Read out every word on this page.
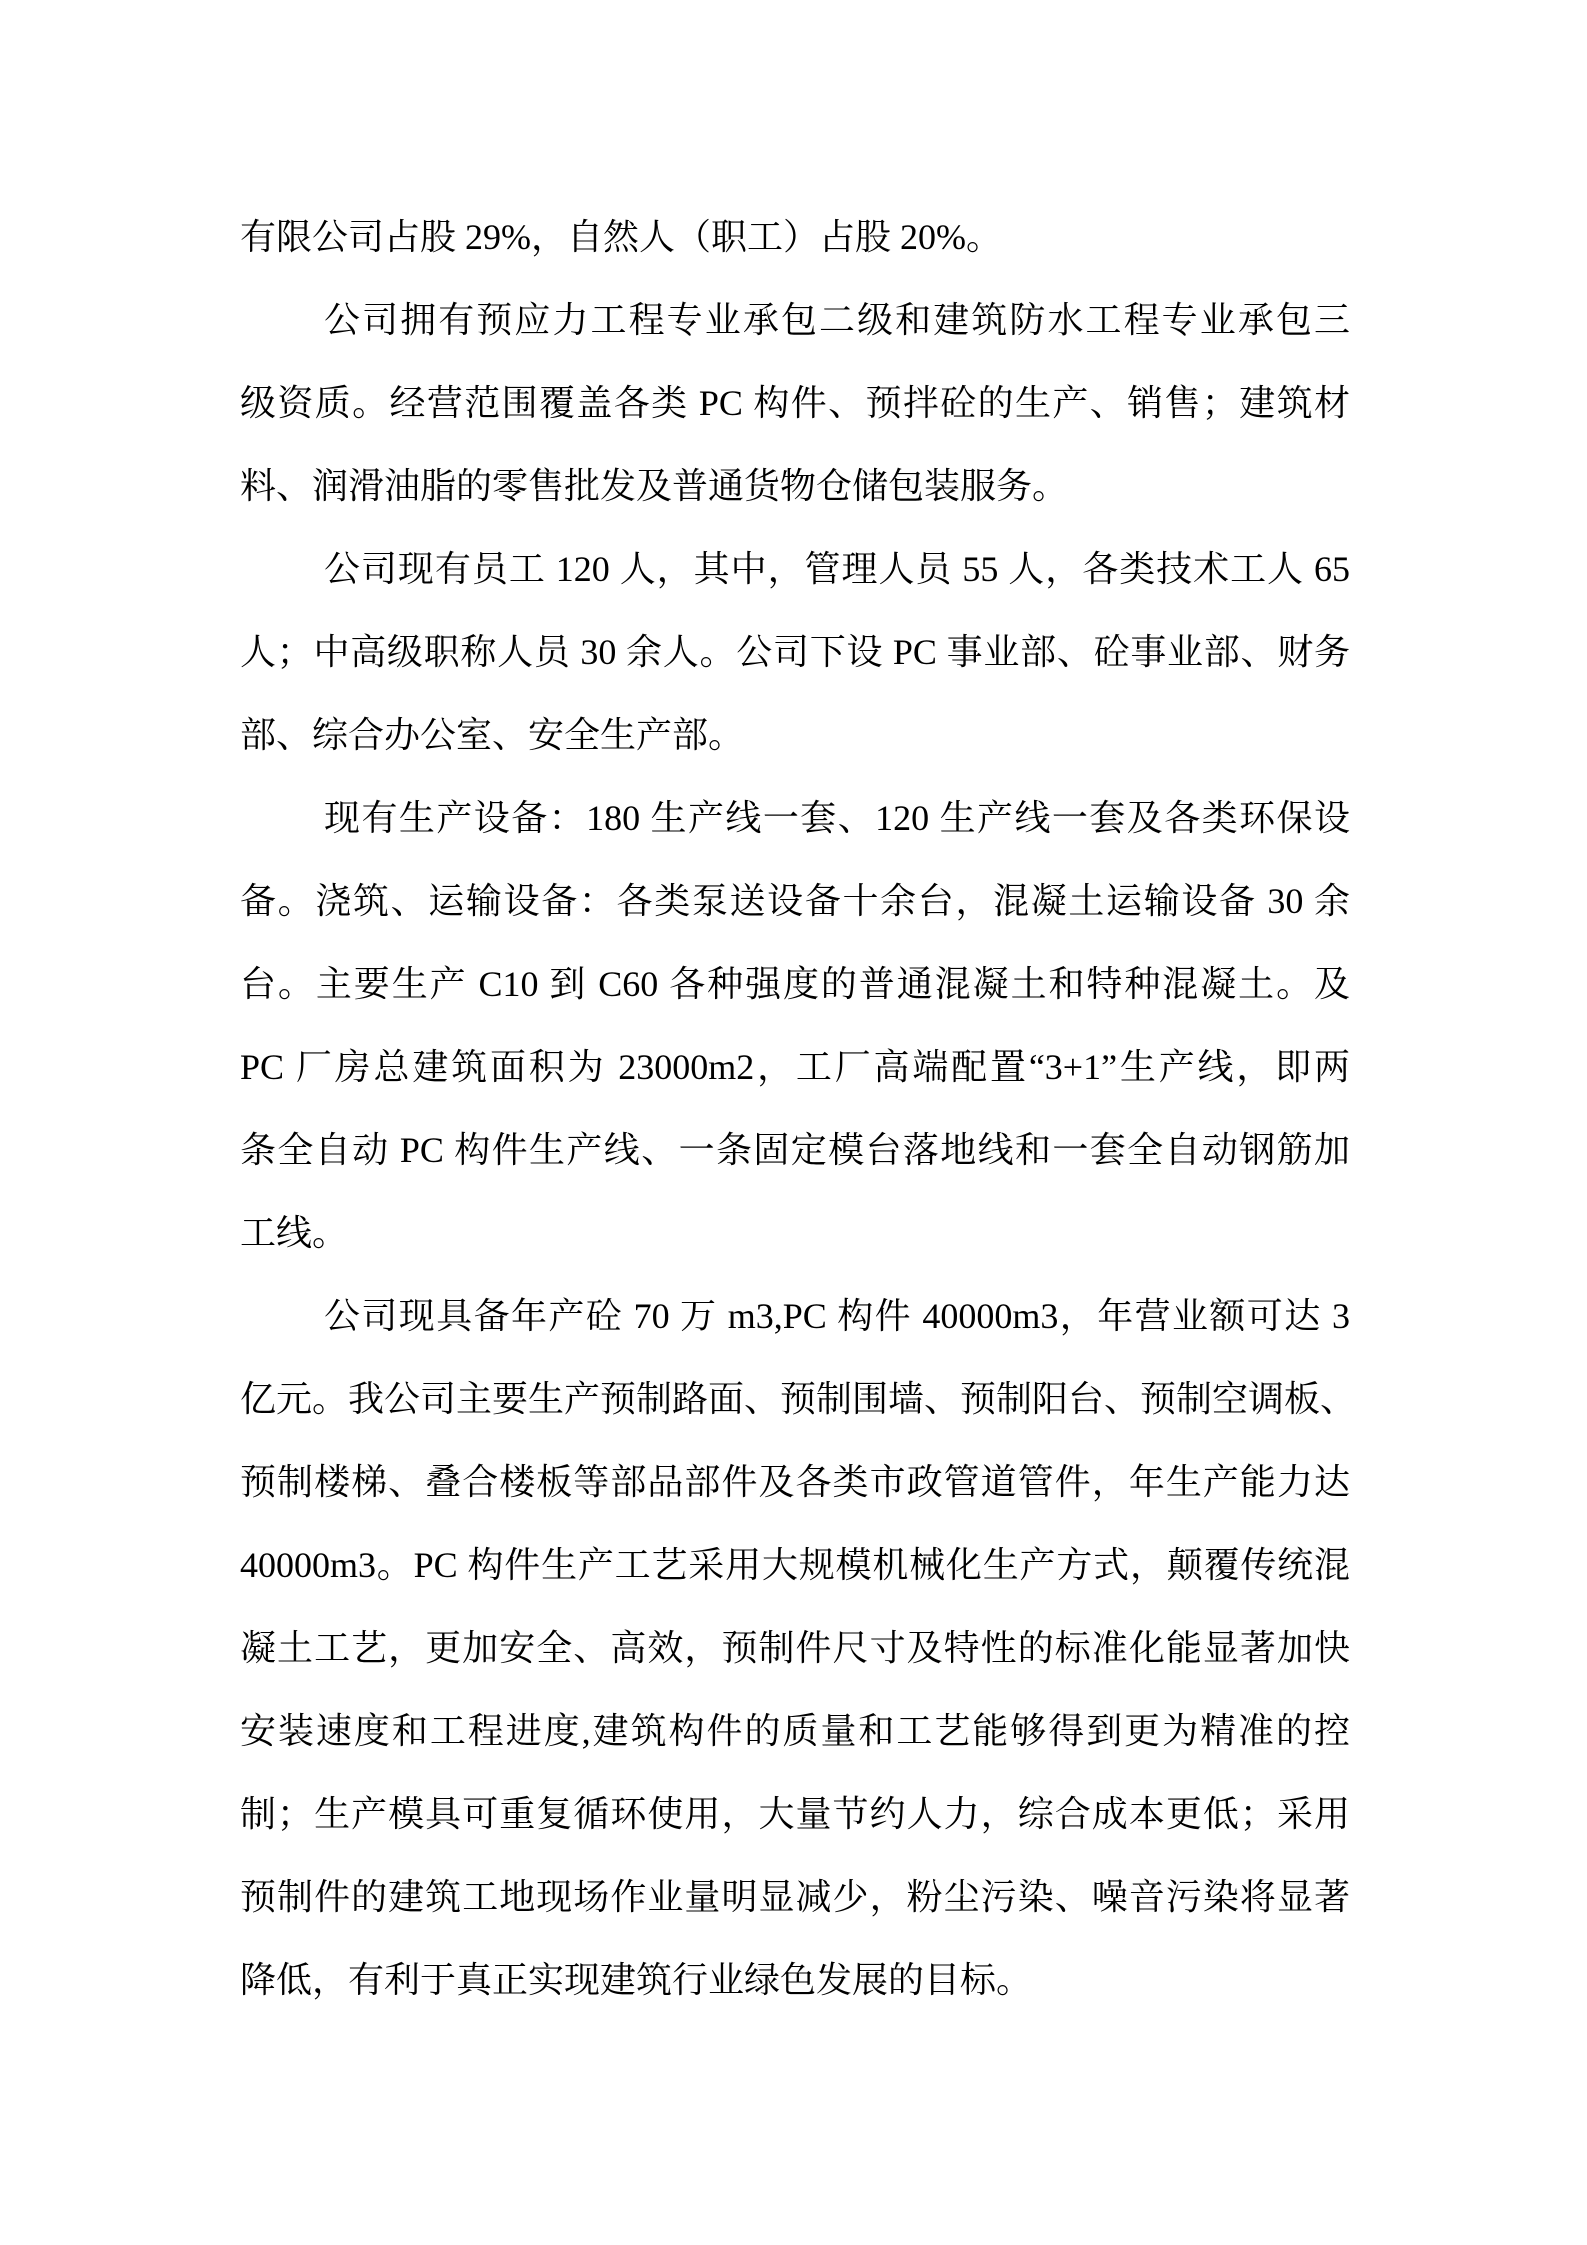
有限公司占股 29%，自然人（职工）占股 20%。
公司拥有预应力工程专业承包二级和建筑防水工程专业承包三
级资质。经营范围覆盖各类 PC 构件、预拌砼的生产、销售；建筑材
料、润滑油脂的零售批发及普通货物仓储包装服务。
公司现有员工 120 人，其中，管理人员 55 人，各类技术工人 65
人；中高级职称人员 30 余人。公司下设 PC 事业部、砼事业部、财务
部、综合办公室、安全生产部。
现有生产设备：180 生产线一套、120 生产线一套及各类环保设
备。浇筑、运输设备：各类泵送设备十余台，混凝土运输设备 30 余
台。主要生产 C10 到 C60 各种强度的普通混凝土和特种混凝土。及
PC 厂房总建筑面积为 23000m2，工厂高端配置“3+1”生产线，即两
条全自动 PC 构件生产线、一条固定模台落地线和一套全自动钢筋加
工线。
公司现具备年产砼 70 万 m3,PC 构件 40000m3，年营业额可达 3
亿元。我公司主要生产预制路面、预制围墙、预制阳台、预制空调板、
预制楼梯、叠合楼板等部品部件及各类市政管道管件，年生产能力达
40000m3。PC 构件生产工艺采用大规模机械化生产方式，颠覆传统混
凝土工艺，更加安全、高效，预制件尺寸及特性的标准化能显著加快
安装速度和工程进度,建筑构件的质量和工艺能够得到更为精准的控
制；生产模具可重复循环使用，大量节约人力，综合成本更低；采用
预制件的建筑工地现场作业量明显减少，粉尘污染、噪音污染将显著
降低，有利于真正实现建筑行业绿色发展的目标。
